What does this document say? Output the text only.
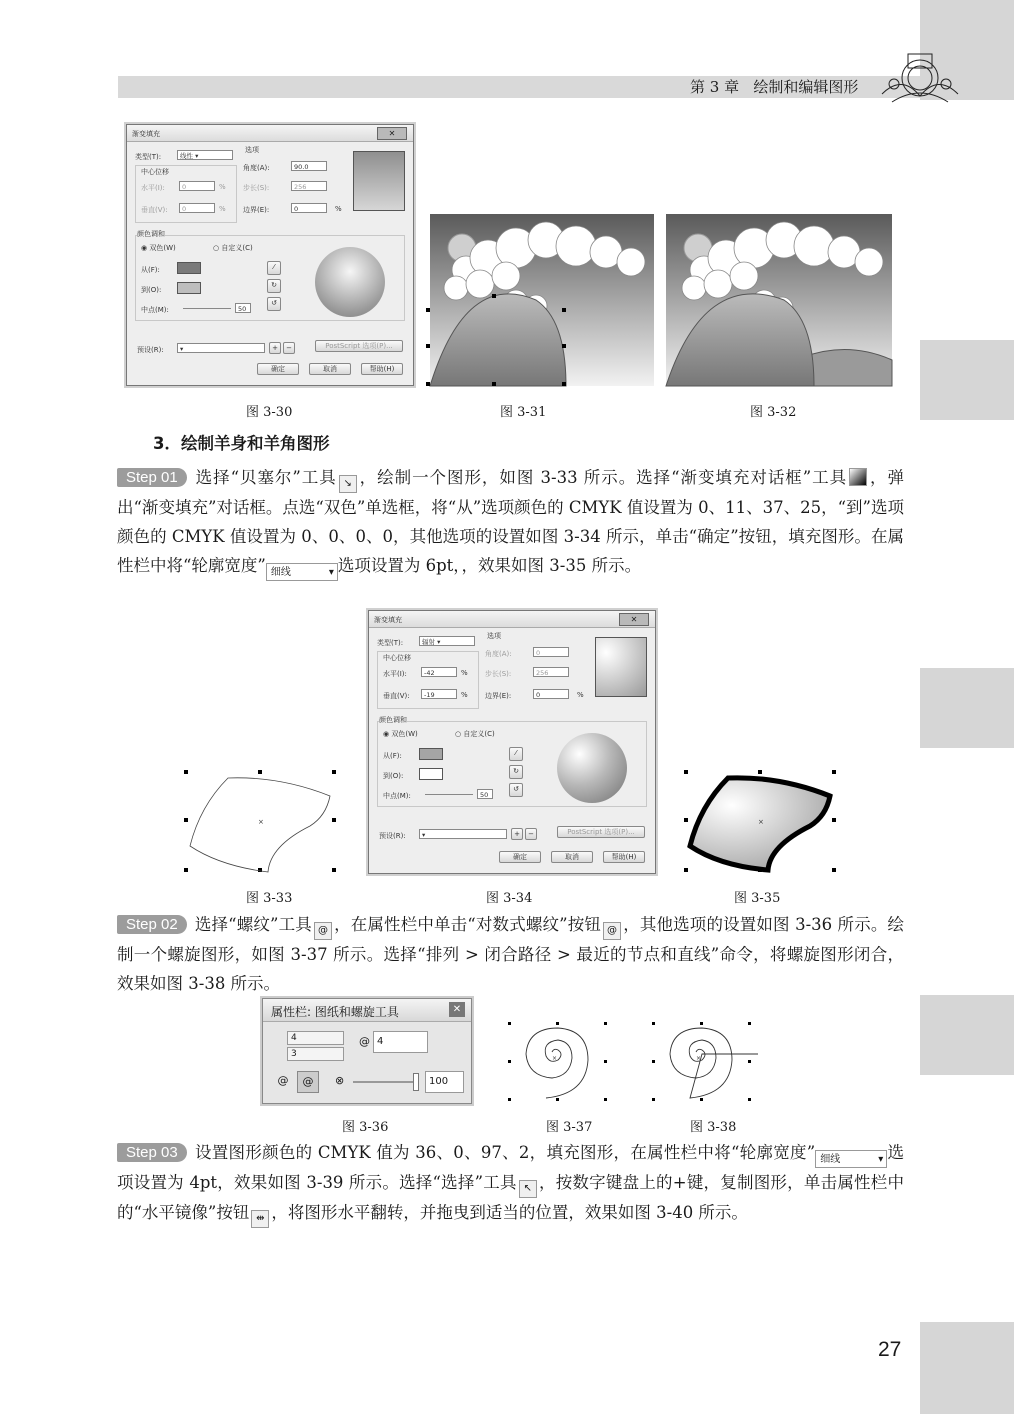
第 3 章 绘制和编辑图形
渐变填充	✕
类型(T):	线性 ▾
选项
中心位移
水平(I):	0	%
垂直(V):	0	%
角度(A):	90.0
步长(S):	256
边界(E):	0	%
颜色调和
◉ 双色(W)	○ 自定义(C)
从(F):
到(O):
中点(M):	50
⁄
↻
↺
预设(R):	▾	+	−	PostScript 选项(P)...
确定	取消	帮助(H)
图 3-30	图 3-31	图 3-32
3．绘制羊身和羊角图形
Step 01 选择“贝塞尔”工具 ↘ ，绘制一个图形，如图 3-33 所示。选择“渐变填充对话框”工具 ，弹出“渐变填充”对话框。点选“双色”单选框，将“从”选项颜色的 CMYK 值设置为 0、11、37、25，“到”选项颜色的 CMYK 值设置为 0、0、0、0，其他选项的设置如图 3-34 所示，单击“确定”按钮，填充图形。在属性栏中将“轮廓宽度” 细线 ▾	选项设置为 6pt，，效果如图 3-35 所示。
×
渐变填充	✕
类型(T):	辐射 ▾
选项
中心位移
水平(I):	-42	%
垂直(V):	-19	%
角度(A):	0
步长(S):	256
边界(E):	0	%
颜色调和
◉ 双色(W)	○ 自定义(C)
从(F):
到(O):
中点(M):	50
⁄
↻
↺
预设(R):	▾	+	−	PostScript 选项(P)...
确定	取消	帮助(H)
×
图 3-33	图 3-34	图 3-35
Step 02 选择“螺纹”工具 @ ，在属性栏中单击“对数式螺纹”按钮 @ ，其他选项的设置如图 3-36 所示。绘制一个螺旋图形，如图 3-37 所示。选择“排列 > 闭合路径 > 最近的节点和直线”命令，将螺旋图形闭合，效果如图 3-38 所示。
属性栏: 图纸和螺旋工具	✕
4
3
@ 4
@	@	⊗	100
×	×
图 3-36	图 3-37	图 3-38
Step 03 设置图形颜色的 CMYK 值为 36、0、97、2，填充图形，在属性栏中将“轮廓宽度” 细线 ▾	选项设置为 4pt，效果如图 3-39 所示。选择“选择”工具 ↖ ，按数字键盘上的+键，复制图形，单击属性栏中的“水平镜像”按钮 ⇹ ，将图形水平翻转，并拖曳到适当的位置，效果如图 3-40 所示。
27
